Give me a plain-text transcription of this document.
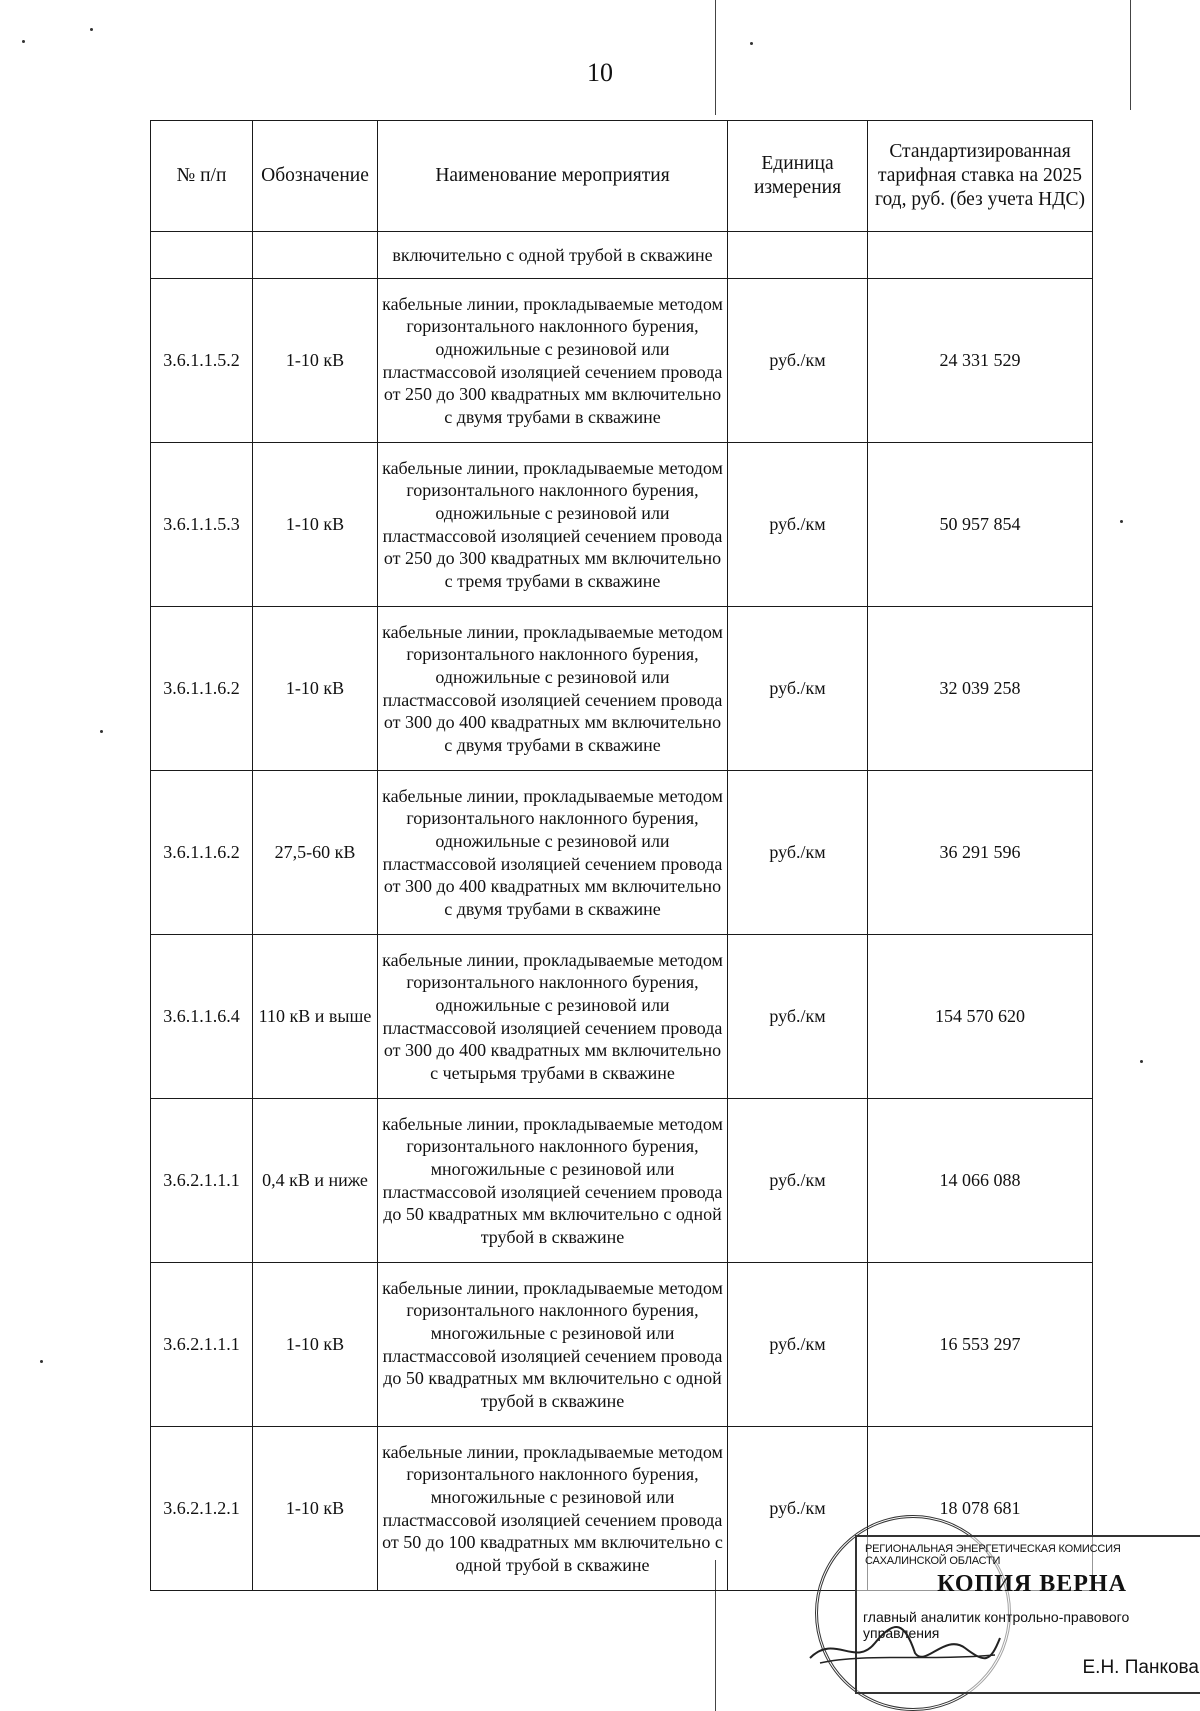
10
№ п/п	Обозначение	Наименование мероприятия	Единица измерения	Стандартизированная тарифная ставка на 2025 год, руб. (без учета НДС)
		включительно с одной трубой в скважине		
3.6.1.1.5.2	1-10 кВ	кабельные линии, прокладываемые методом горизонтального наклонного бурения, одножильные с резиновой или пластмассовой изоляцией сечением провода от 250 до 300 квадратных мм включительно с двумя трубами в скважине	руб./км	24 331 529
3.6.1.1.5.3	1-10 кВ	кабельные линии, прокладываемые методом горизонтального наклонного бурения, одножильные с резиновой или пластмассовой изоляцией сечением провода от 250 до 300 квадратных мм включительно с тремя трубами в скважине	руб./км	50 957 854
3.6.1.1.6.2	1-10 кВ	кабельные линии, прокладываемые методом горизонтального наклонного бурения, одножильные с резиновой или пластмассовой изоляцией сечением провода от 300 до 400 квадратных мм включительно с двумя трубами в скважине	руб./км	32 039 258
3.6.1.1.6.2	27,5-60 кВ	кабельные линии, прокладываемые методом горизонтального наклонного бурения, одножильные с резиновой или пластмассовой изоляцией сечением провода от 300 до 400 квадратных мм включительно с двумя трубами в скважине	руб./км	36 291 596
3.6.1.1.6.4	110 кВ и выше	кабельные линии, прокладываемые методом горизонтального наклонного бурения, одножильные с резиновой или пластмассовой изоляцией сечением провода от 300 до 400 квадратных мм включительно с четырьмя трубами в скважине	руб./км	154 570 620
3.6.2.1.1.1	0,4 кВ и ниже	кабельные линии, прокладываемые методом горизонтального наклонного бурения, многожильные с резиновой или пластмассовой изоляцией сечением провода до 50 квадратных мм включительно с одной трубой в скважине	руб./км	14 066 088
3.6.2.1.1.1	1-10 кВ	кабельные линии, прокладываемые методом горизонтального наклонного бурения, многожильные с резиновой или пластмассовой изоляцией сечением провода до 50 квадратных мм включительно с одной трубой в скважине	руб./км	16 553 297
3.6.2.1.2.1	1-10 кВ	кабельные линии, прокладываемые методом горизонтального наклонного бурения, многожильные с резиновой или пластмассовой изоляцией сечением провода от 50 до 100 квадратных мм включительно с одной трубой в скважине	руб./км	18 078 681
РЕГИОНАЛЬНАЯ ЭНЕРГЕТИЧЕСКАЯ КОМИССИЯ САХАЛИНСКОЙ ОБЛАСТИ
КОПИЯ ВЕРНА
главный аналитик контрольно-правового управления
Е.Н. Панкова
